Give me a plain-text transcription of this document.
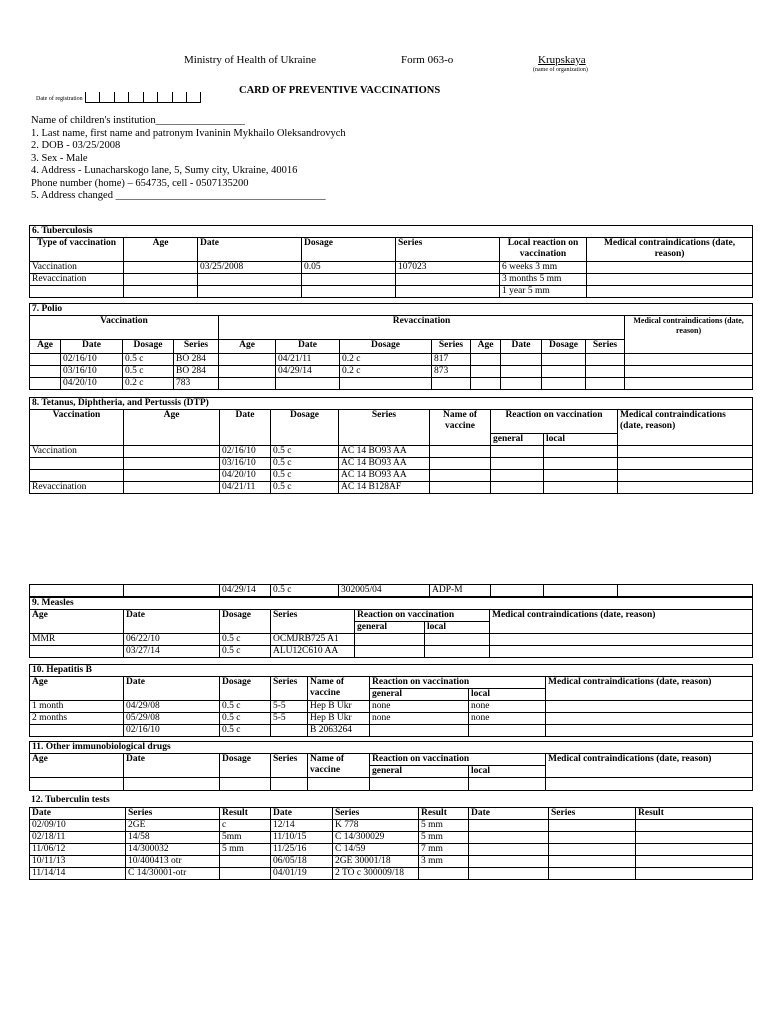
Ministry of Health of Ukraine	Form 063-o	Krupskaya
(name of organization)
CARD OF PREVENTIVE VACCINATIONS
Date of registration
Name of children's institution_________________
1. Last name, first name and patronym Ivaninin Mykhailo Oleksandrovych
2. DOB - 03/25/2008
3. Sex - Male
4. Address - Lunacharskogo lane, 5, Sumy city, Ukraine, 40016
Phone number (home) – 654735, cell - 0507135200
5. Address changed ________________________________________
6. Tuberculosis						
Type of vaccination	Age	Date	Dosage	Series	Local reaction on vaccination	Medical contraindications (date, reason)
Vaccination		03/25/2008	0.05	107023	6 weeks 3 mm	
Revaccination					3 months 5 mm	
					1 year 5 mm	
7. Polio												
Vaccination				Revaccination								Medical contraindications (date, reason)
Age	Date	Dosage	Series	Age	Date	Dosage	Series	Age	Date	Dosage	Series	
	02/16/10	0.5 c	BO 284		04/21/11	0.2 c	817					
	03/16/10	0.5 c	BO 284		04/29/14	0.2 c	873					
	04/20/10	0.2 c	783									
8. Tetanus, Diphtheria, and Pertussis (DTP)								
Vaccination	Age	Date	Dosage	Series	Name of vaccine	Reaction on vaccination		Medical contraindications (date, reason)
						general	local	
Vaccination		02/16/10	0.5 c	AC 14 BO93 AA				
		03/16/10	0.5 c	AC 14 BO93 AA				
		04/20/10	0.5 c	AC 14 BO93 AA				
Revaccination		04/21/11	0.5 c	AC 14 B128AF				
		04/29/14	0.5 c	302005/04	ADP-M			
9. Measles						
Age	Date	Dosage	Series	Reaction on vaccination		Medical contraindications (date, reason)
				general	local	
MMR	06/22/10	0.5 c	OCMJRB725 A1			
	03/27/14	0.5 c	ALU12C610 AA			
10. Hepatitis B							
Age	Date	Dosage	Series	Name of vaccine	Reaction on vaccination		Medical contraindications (date, reason)
					general	local	
1 month	04/29/08	0.5 c	5-5	Hep B Ukr	none	none	
2 months	05/29/08	0.5 c	5-5	Hep B Ukr	none	none	
	02/16/10	0.5 c		B 2063264			
11. Other immunobiological drugs							
Age	Date	Dosage	Series	Name of vaccine	Reaction on vaccination		Medical contraindications (date, reason)
					general	local	

12. Tuberculin tests
Date	Series	Result	Date	Series	Result	Date	Series	Result
02/09/10	2GE	c	12/14	K 778	5 mm			
02/18/11	14/58	5mm	11/10/15	C 14/300029	5 mm			
11/06/12	14/300032	5 mm	11/25/16	C 14/59	7 mm			
10/11/13	10/400413 otr		06/05/18	2GE 30001/18	3 mm			
11/14/14	C 14/30001-otr		04/01/19	2 TO c 300009/18				
